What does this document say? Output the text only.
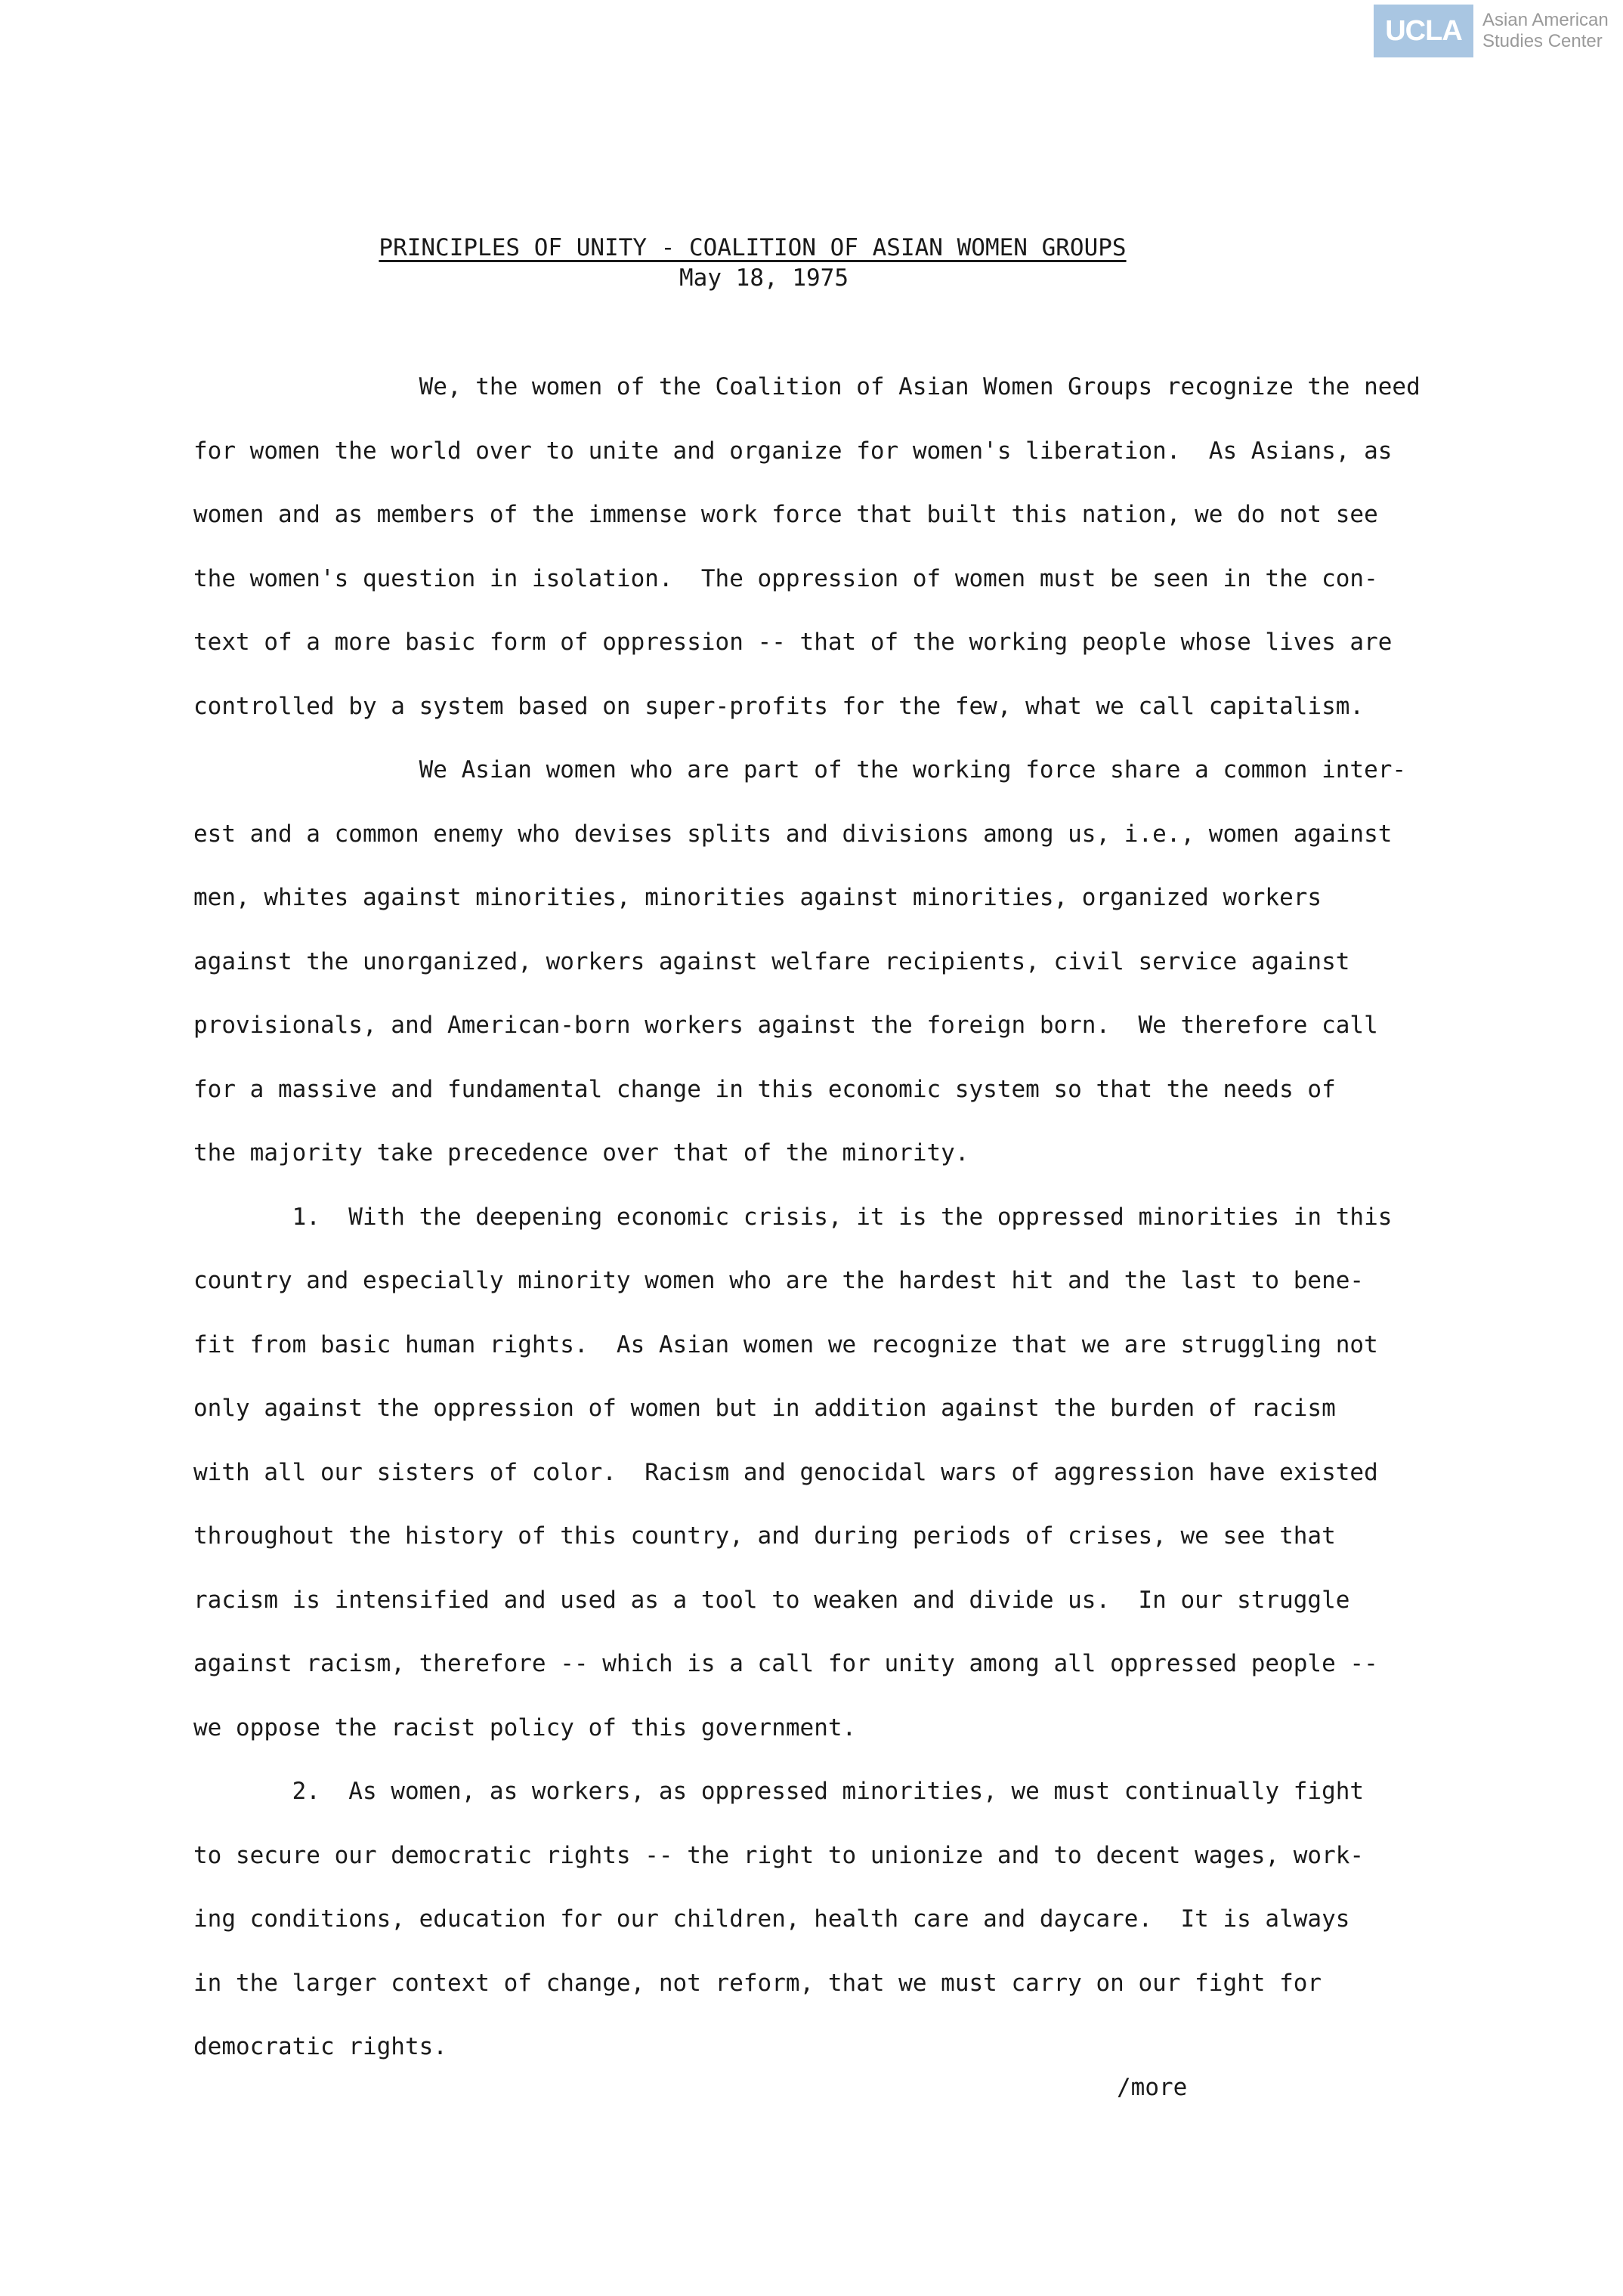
UCLA	Asian American
Studies Center
PRINCIPLES OF UNITY - COALITION OF ASIAN WOMEN GROUPS
May 18, 1975
We, the women of the Coalition of Asian Women Groups recognize the need
for women the world over to unite and organize for women's liberation.  As Asians, as
women and as members of the immense work force that built this nation, we do not see
the women's question in isolation.  The oppression of women must be seen in the con-
text of a more basic form of oppression -- that of the working people whose lives are
controlled by a system based on super-profits for the few, what we call capitalism.
We Asian women who are part of the working force share a common inter-
est and a common enemy who devises splits and divisions among us, i.e., women against
men, whites against minorities, minorities against minorities, organized workers
against the unorganized, workers against welfare recipients, civil service against
provisionals, and American-born workers against the foreign born.  We therefore call
for a massive and fundamental change in this economic system so that the needs of
the majority take precedence over that of the minority.
1.  With the deepening economic crisis, it is the oppressed minorities in this
country and especially minority women who are the hardest hit and the last to bene-
fit from basic human rights.  As Asian women we recognize that we are struggling not
only against the oppression of women but in addition against the burden of racism
with all our sisters of color.  Racism and genocidal wars of aggression have existed
throughout the history of this country, and during periods of crises, we see that
racism is intensified and used as a tool to weaken and divide us.  In our struggle
against racism, therefore -- which is a call for unity among all oppressed people --
we oppose the racist policy of this government.
2.  As women, as workers, as oppressed minorities, we must continually fight
to secure our democratic rights -- the right to unionize and to decent wages, work-
ing conditions, education for our children, health care and daycare.  It is always
in the larger context of change, not reform, that we must carry on our fight for
democratic rights.
/more
